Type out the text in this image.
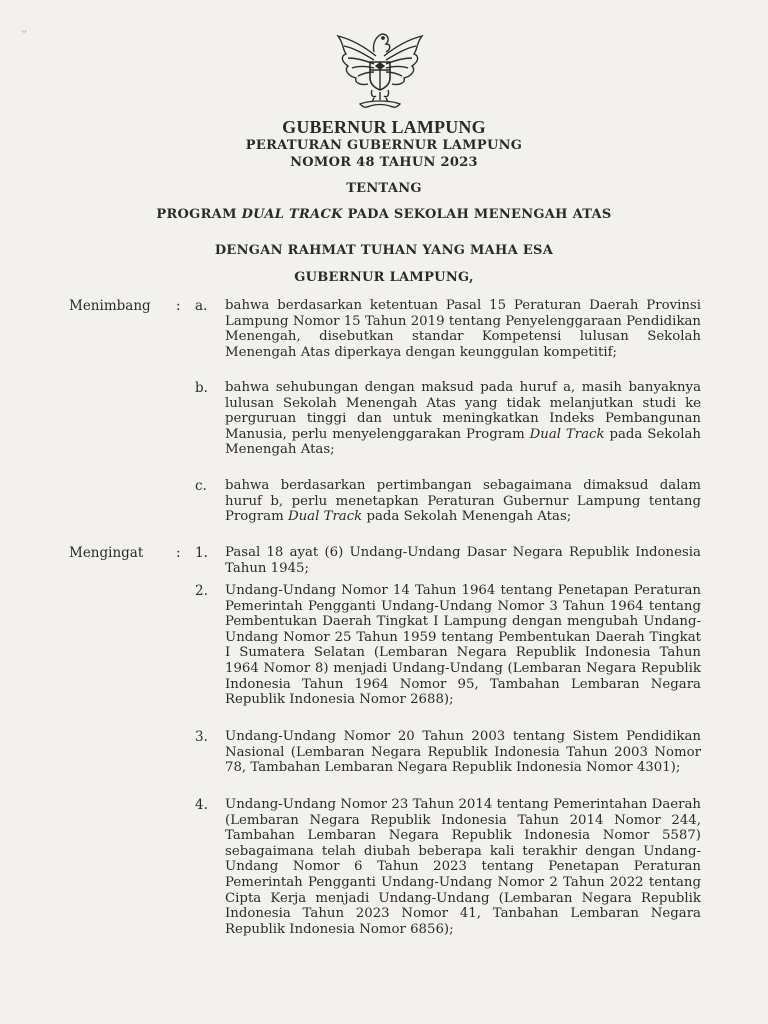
ᵕ
GUBERNUR LAMPUNG
PERATURAN GUBERNUR LAMPUNG
NOMOR 48 TAHUN 2023
TENTANG
PROGRAM DUAL TRACK PADA SEKOLAH MENENGAH ATAS
DENGAN RAHMAT TUHAN YANG MAHA ESA
GUBERNUR LAMPUNG,
Menimbang : a. bahwa berdasarkan ketentuan Pasal 15 Peraturan Daerah Provinsi Lampung Nomor 15 Tahun 2019 tentang Penyelenggaraan Pendidikan Menengah, disebutkan standar Kompetensi lulusan Sekolah Menengah Atas diperkaya dengan keunggulan kompetitif;
b. bahwa sehubungan dengan maksud pada huruf a, masih banyaknya lulusan Sekolah Menengah Atas yang tidak melanjutkan studi ke perguruan tinggi dan untuk meningkatkan Indeks Pembangunan Manusia, perlu menyelenggarakan Program Dual Track pada Sekolah Menengah Atas;
c. bahwa berdasarkan pertimbangan sebagaimana dimaksud dalam huruf b, perlu menetapkan Peraturan Gubernur Lampung tentang Program Dual Track pada Sekolah Menengah Atas;
Mengingat : 1. Pasal 18 ayat (6) Undang-Undang Dasar Negara Republik Indonesia Tahun 1945;
2. Undang-Undang Nomor 14 Tahun 1964 tentang Penetapan Peraturan Pemerintah Pengganti Undang-Undang Nomor 3 Tahun 1964 tentang Pembentukan Daerah Tingkat I Lampung dengan mengubah Undang-Undang Nomor 25 Tahun 1959 tentang Pembentukan Daerah Tingkat I Sumatera Selatan (Lembaran Negara Republik Indonesia Tahun 1964 Nomor 8) menjadi Undang-Undang (Lembaran Negara Republik Indonesia Tahun 1964 Nomor 95, Tambahan Lembaran Negara Republik Indonesia Nomor 2688);
3. Undang-Undang Nomor 20 Tahun 2003 tentang Sistem Pendidikan Nasional (Lembaran Negara Republik Indonesia Tahun 2003 Nomor 78, Tambahan Lembaran Negara Republik Indonesia Nomor 4301);
4. Undang-Undang Nomor 23 Tahun 2014 tentang Pemerintahan Daerah (Lembaran Negara Republik Indonesia Tahun 2014 Nomor 244, Tambahan Lembaran Negara Republik Indonesia Nomor 5587) sebagaimana telah diubah beberapa kali terakhir dengan Undang-Undang Nomor 6 Tahun 2023 tentang Penetapan Peraturan Pemerintah Pengganti Undang-Undang Nomor 2 Tahun 2022 tentang Cipta Kerja menjadi Undang-Undang (Lembaran Negara Republik Indonesia Tahun 2023 Nomor 41, Tanbahan Lembaran Negara Republik Indonesia Nomor 6856);
